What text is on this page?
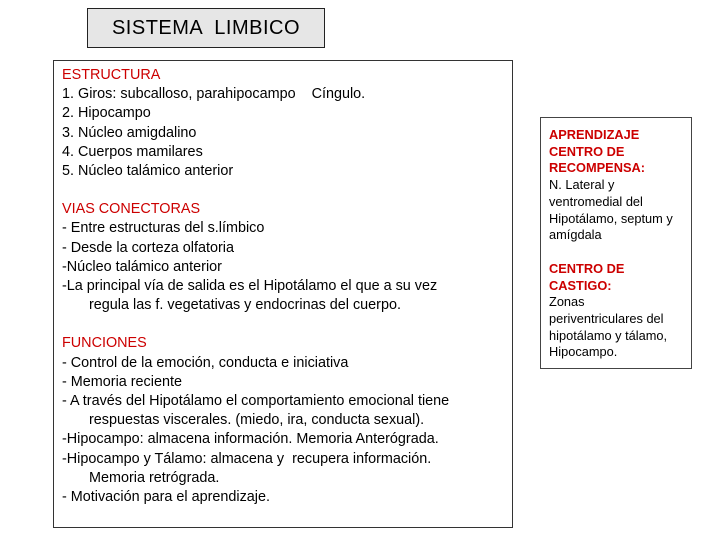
SISTEMA  LIMBICO
ESTRUCTURA
1. Giros: subcalloso, parahipocampo    Cíngulo.
2. Hipocampo
3. Núcleo amigdalino
4. Cuerpos mamilares
5. Núcleo talámico anterior
VIAS CONECTORAS
- Entre estructuras del s.límbico
- Desde la corteza olfatoria
-Núcleo talámico anterior
-La principal vía de salida es el Hipotálamo el que a su vez
regula las f. vegetativas y endocrinas del cuerpo.
FUNCIONES
- Control de la emoción, conducta e iniciativa
- Memoria reciente
- A través del Hipotálamo el comportamiento emocional tiene
respuestas viscerales. (miedo, ira, conducta sexual).
-Hipocampo: almacena información. Memoria Anterógrada.
-Hipocampo y Tálamo: almacena y  recupera información.
Memoria retrógrada.
- Motivación para el aprendizaje.
APRENDIZAJE
CENTRO DE
RECOMPENSA:
N. Lateral y
ventromedial del
Hipotálamo, septum y
amígdala
CENTRO DE
CASTIGO:
Zonas
periventriculares del
hipotálamo y tálamo,
Hipocampo.
